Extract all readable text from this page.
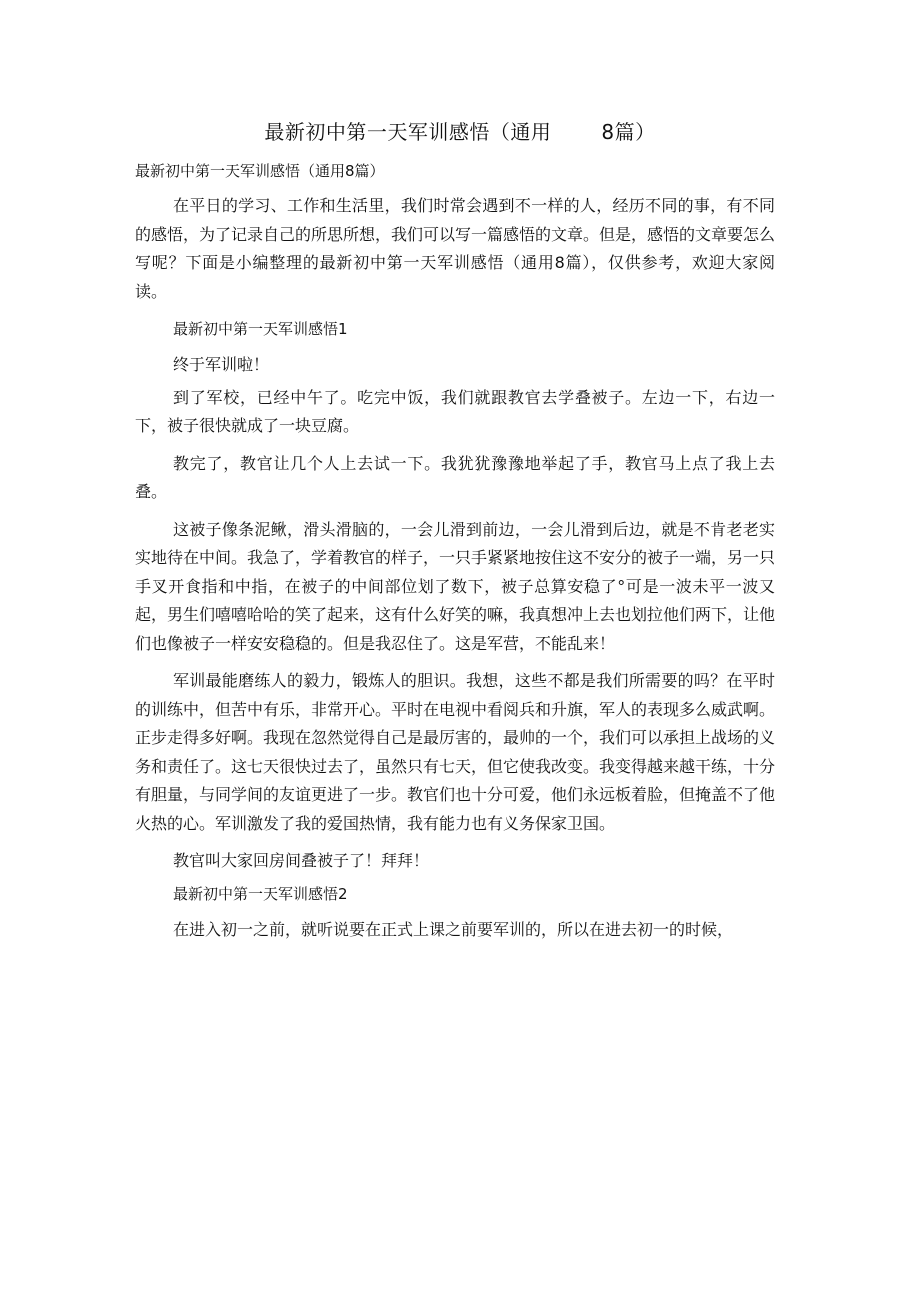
最新初中第一天军训感悟（通用	8篇）
最新初中第一天军训感悟（通用8篇）

在平日的学习、工作和生活里，我们时常会遇到不一样的人，经历不同的事，有不同的感悟，为了记录自己的所思所想，我们可以写一篇感悟的文章。但是，感悟的文章要怎么写呢？下面是小编整理的最新初中第一天军训感悟（通用8篇），仅供参考，欢迎大家阅读。

最新初中第一天军训感悟1

终于军训啦！

到了军校，已经中午了。吃完中饭，我们就跟教官去学叠被子。左边一下，右边一下，被子很快就成了一块豆腐。

教完了，教官让几个人上去试一下。我犹犹豫豫地举起了手，教官马上点了我上去叠。

这被子像条泥鳅，滑头滑脑的，一会儿滑到前边，一会儿滑到后边，就是不肯老老实实地待在中间。我急了，学着教官的样子，一只手紧紧地按住这不安分的被子一端，另一只手叉开食指和中指，在被子的中间部位划了数下，被子总算安稳了°可是一波未平一波又起，男生们嘻嘻哈哈的笑了起来，这有什么好笑的嘛，我真想冲上去也划拉他们两下，让他们也像被子一样安安稳稳的。但是我忍住了。这是军营，不能乱来！

军训最能磨练人的毅力，锻炼人的胆识。我想，这些不都是我们所需要的吗？在平时的训练中，但苦中有乐，非常开心。平时在电视中看阅兵和升旗，军人的表现多么威武啊。正步走得多好啊。我现在忽然觉得自己是最厉害的，最帅的一个，我们可以承担上战场的义务和责任了。这七天很快过去了，虽然只有七天，但它使我改变。我变得越来越干练，十分有胆量，与同学间的友谊更进了一步。教官们也十分可爱，他们永远板着脸，但掩盖不了他火热的心。军训激发了我的爱国热情，我有能力也有义务保家卫国。

教官叫大家回房间叠被子了！拜拜！

最新初中第一天军训感悟2

在进入初一之前，就听说要在正式上课之前要军训的，所以在进去初一的时候，
